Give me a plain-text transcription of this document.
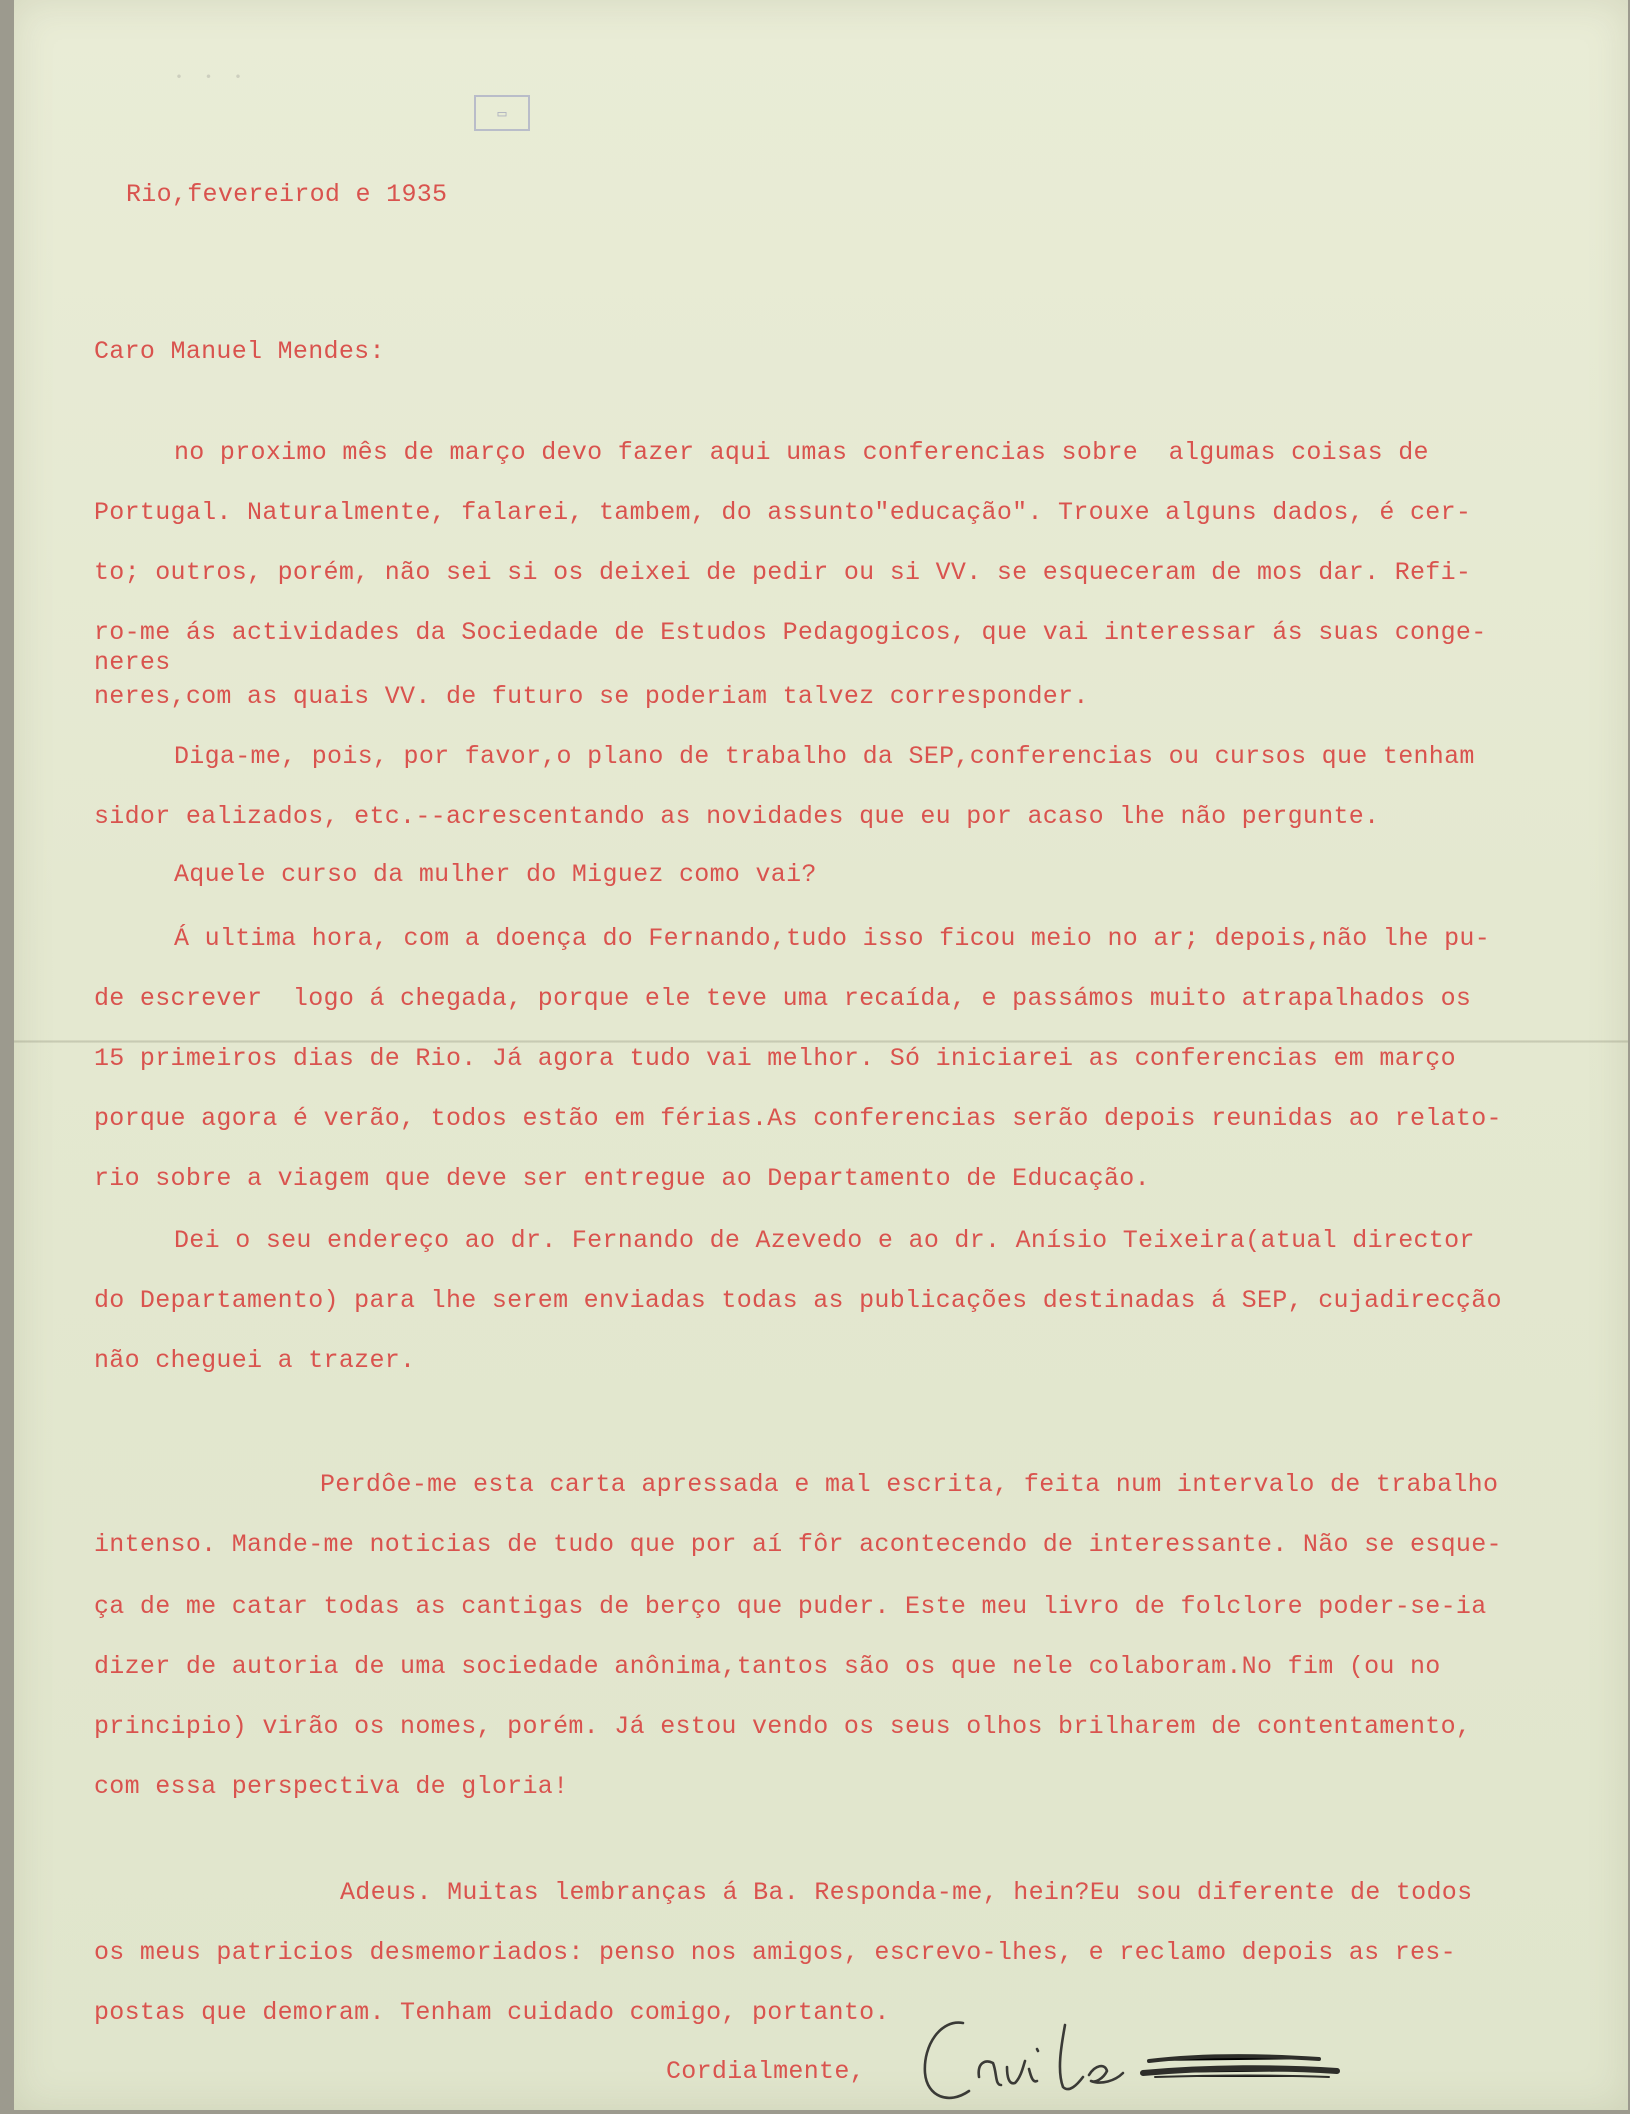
· · ·
▭
Rio,fevereirod e 1935
Caro Manuel Mendes:
no proximo mês de março devo fazer aqui umas conferencias sobre  algumas coisas de
Portugal. Naturalmente, falarei, tambem, do assunto"educação". Trouxe alguns dados, é cer-
to; outros, porém, não sei si os deixei de pedir ou si VV. se esqueceram de mos dar. Refi-
ro-me ás actividades da Sociedade de Estudos Pedagogicos, que vai interessar ás suas conge-
neres
neres,com as quais VV. de futuro se poderiam talvez corresponder.
Diga-me, pois, por favor,o plano de trabalho da SEP,conferencias ou cursos que tenham
sidor ealizados, etc.--acrescentando as novidades que eu por acaso lhe não pergunte.
Aquele curso da mulher do Miguez como vai?
Á ultima hora, com a doença do Fernando,tudo isso ficou meio no ar; depois,não lhe pu-
de escrever  logo á chegada, porque ele teve uma recaída, e passámos muito atrapalhados os
15 primeiros dias de Rio. Já agora tudo vai melhor. Só iniciarei as conferencias em março
porque agora é verão, todos estão em férias.As conferencias serão depois reunidas ao relato-
rio sobre a viagem que deve ser entregue ao Departamento de Educação.
Dei o seu endereço ao dr. Fernando de Azevedo e ao dr. Anísio Teixeira(atual director
do Departamento) para lhe serem enviadas todas as publicações destinadas á SEP, cujadirecção
não cheguei a trazer.
Perdôe-me esta carta apressada e mal escrita, feita num intervalo de trabalho
intenso. Mande-me noticias de tudo que por aí fôr acontecendo de interessante. Não se esque-
ça de me catar todas as cantigas de berço que puder. Este meu livro de folclore poder-se-ia
dizer de autoria de uma sociedade anônima,tantos são os que nele colaboram.No fim (ou no
principio) virão os nomes, porém. Já estou vendo os seus olhos brilharem de contentamento,
com essa perspectiva de gloria!
Adeus. Muitas lembranças á Ba. Responda-me, hein?Eu sou diferente de todos
os meus patricios desmemoriados: penso nos amigos, escrevo-lhes, e reclamo depois as res-
postas que demoram. Tenham cuidado comigo, portanto.
Cordialmente,
